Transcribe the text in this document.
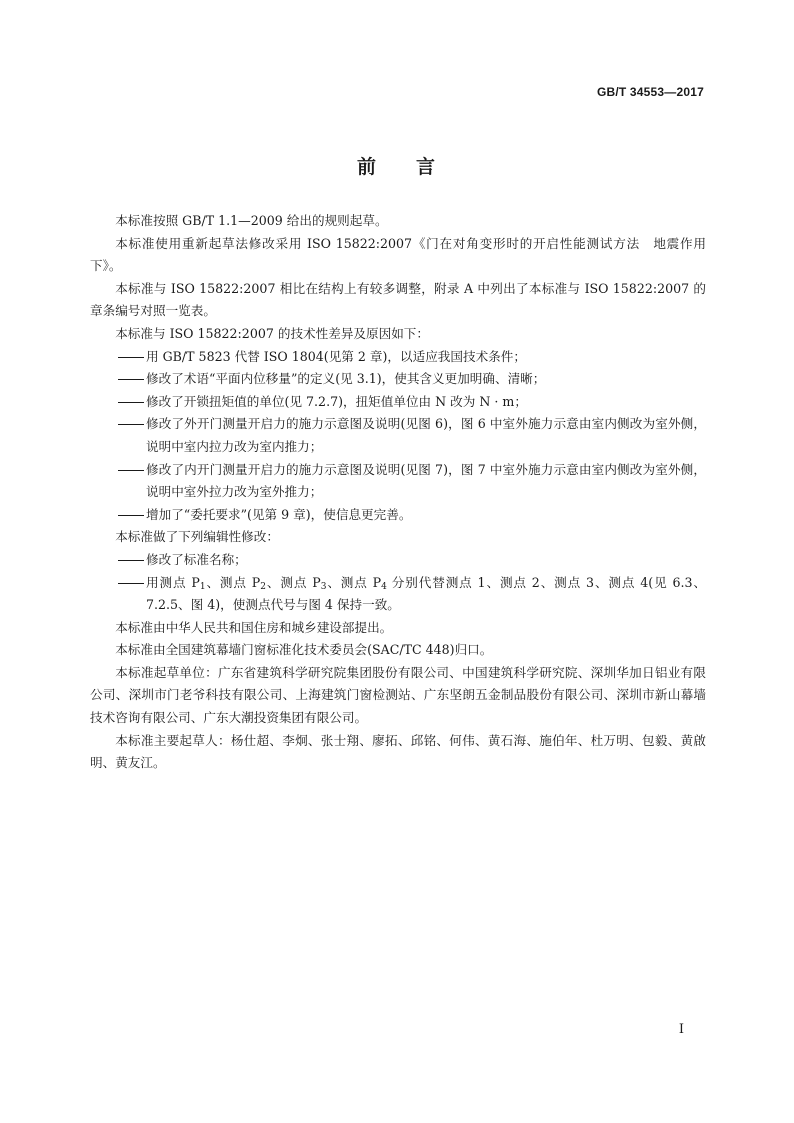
GB/T 34553—2017
前 言

本标准按照 GB/T 1.1—2009 给出的规则起草。

本标准使用重新起草法修改采用 ISO 15822:2007《门在对角变形时的开启性能测试方法　地震作用下》。

本标准与 ISO 15822:2007 相比在结构上有较多调整，附录 A 中列出了本标准与 ISO 15822:2007 的章条编号对照一览表。

本标准与 ISO 15822:2007 的技术性差异及原因如下：

用 GB/T 5823 代替 ISO 1804(见第 2 章)，以适应我国技术条件；

修改了术语“平面内位移量”的定义(见 3.1)，使其含义更加明确、清晰；

修改了开锁扭矩值的单位(见 7.2.7)，扭矩值单位由 N 改为 N · m；

修改了外开门测量开启力的施力示意图及说明(见图 6)，图 6 中室外施力示意由室内侧改为室外侧，说明中室内拉力改为室内推力；

修改了内开门测量开启力的施力示意图及说明(见图 7)，图 7 中室外施力示意由室内侧改为室外侧，说明中室外拉力改为室外推力；

增加了“委托要求”(见第 9 章)，使信息更完善。

本标准做了下列编辑性修改：

修改了标准名称；

用测点 $P_1$、测点 $P_2$、测点 $P_3$、测点 $P_4$ 分别代替测点 1、测点 2、测点 3、测点 4(见 6.3、7.2.5、图 4)，使测点代号与图 4 保持一致。

本标准由中华人民共和国住房和城乡建设部提出。

本标准由全国建筑幕墙门窗标准化技术委员会(SAC/TC 448)归口。

本标准起草单位：广东省建筑科学研究院集团股份有限公司、中国建筑科学研究院、深圳华加日铝业有限公司、深圳市门老爷科技有限公司、上海建筑门窗检测站、广东坚朗五金制品股份有限公司、深圳市新山幕墙技术咨询有限公司、广东大潮投资集团有限公司。

本标准主要起草人：杨仕超、李炯、张士翔、廖拓、邱铭、何伟、黄石海、施伯年、杜万明、包毅、黄啟明、黄友江。

I
